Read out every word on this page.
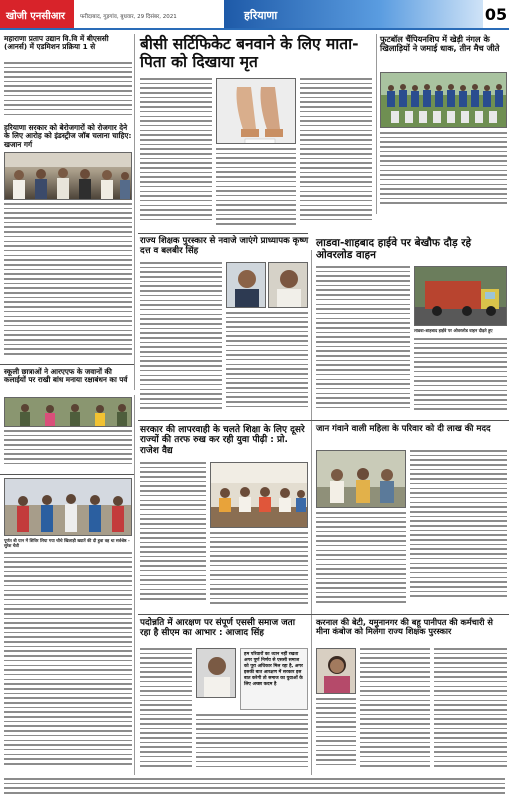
खोजी एनसीआर	फरीदाबाद, गुड़गांव, बुधवार, 29 दिसंबर, 2021	हरियाणा	05
महाराणा प्रताप उद्यान वि.वि में बीएससी (आनर्स) में एडमिशन प्रक्रिया 1 से
हरियाणा सरकार को बेरोजगारों को रोजगार देने के लिए आरोह को इंडस्ट्रीज जॉब चलाना चाहिए: खजान गर्ग
स्कूली छात्राओं ने आरएएफ के जवानों की कलाईयों पर राखी बांध मनाया रक्षाबंधन का पर्व
पूर्णत बी यान में शिविर लिया गया चौथे खिलाड़ी ख्यातें की दी हुवा वह था सर्वश्रेष्ठ - सुरेश चैत्री
बीसी सर्टिफिकेट बनवाने के लिए माता-पिता को दिखाया मृत
फुटबॉल चैंपियनशिप में खेड़ी नंगल के खिलाड़ियों ने जमाई धाक, तीन मैच जीते
राज्य शिक्षक पुरस्कार से नवाजे जाएंगे प्राध्यापक कृष्ण दत्त व बलबीर सिंह
लाडवा-शाहबाद हाईवे पर बेखौफ दौड़ रहे ओवरलोड वाहन
लाडवा-शाहबाद हाईवे पर ओवरलोड वाहन दौड़ते हुए
सरकार की लापरवाही के चलते शिक्षा के लिए दूसरे राज्यों की तरफ रुख कर रही युवा पीढ़ी : प्रो. राजेश वैद्य
जान गंवाने वाली महिला के परिवार को दी लाख की मदद
पदोन्नति में आरक्षण पर संपूर्ण एससी समाज जता रहा है सीएम का आभार : आजाद सिंह
हम परिवारों का ध्यान नहीं रखता अगर पूर्ण निर्णय से एससी समाज को पूरा अधिकार मिल रहा है, अगर इसकी बात आरक्षण में सरकार इस बात करेगी तो समाज का युवाओं के लिए अच्छा कदम है
करनाल की बेटी, यमुनानगर की बहू पानीपत की कर्मचारी से मीना कंबोज को मिलेगा राज्य शिक्षक पुरस्कार
